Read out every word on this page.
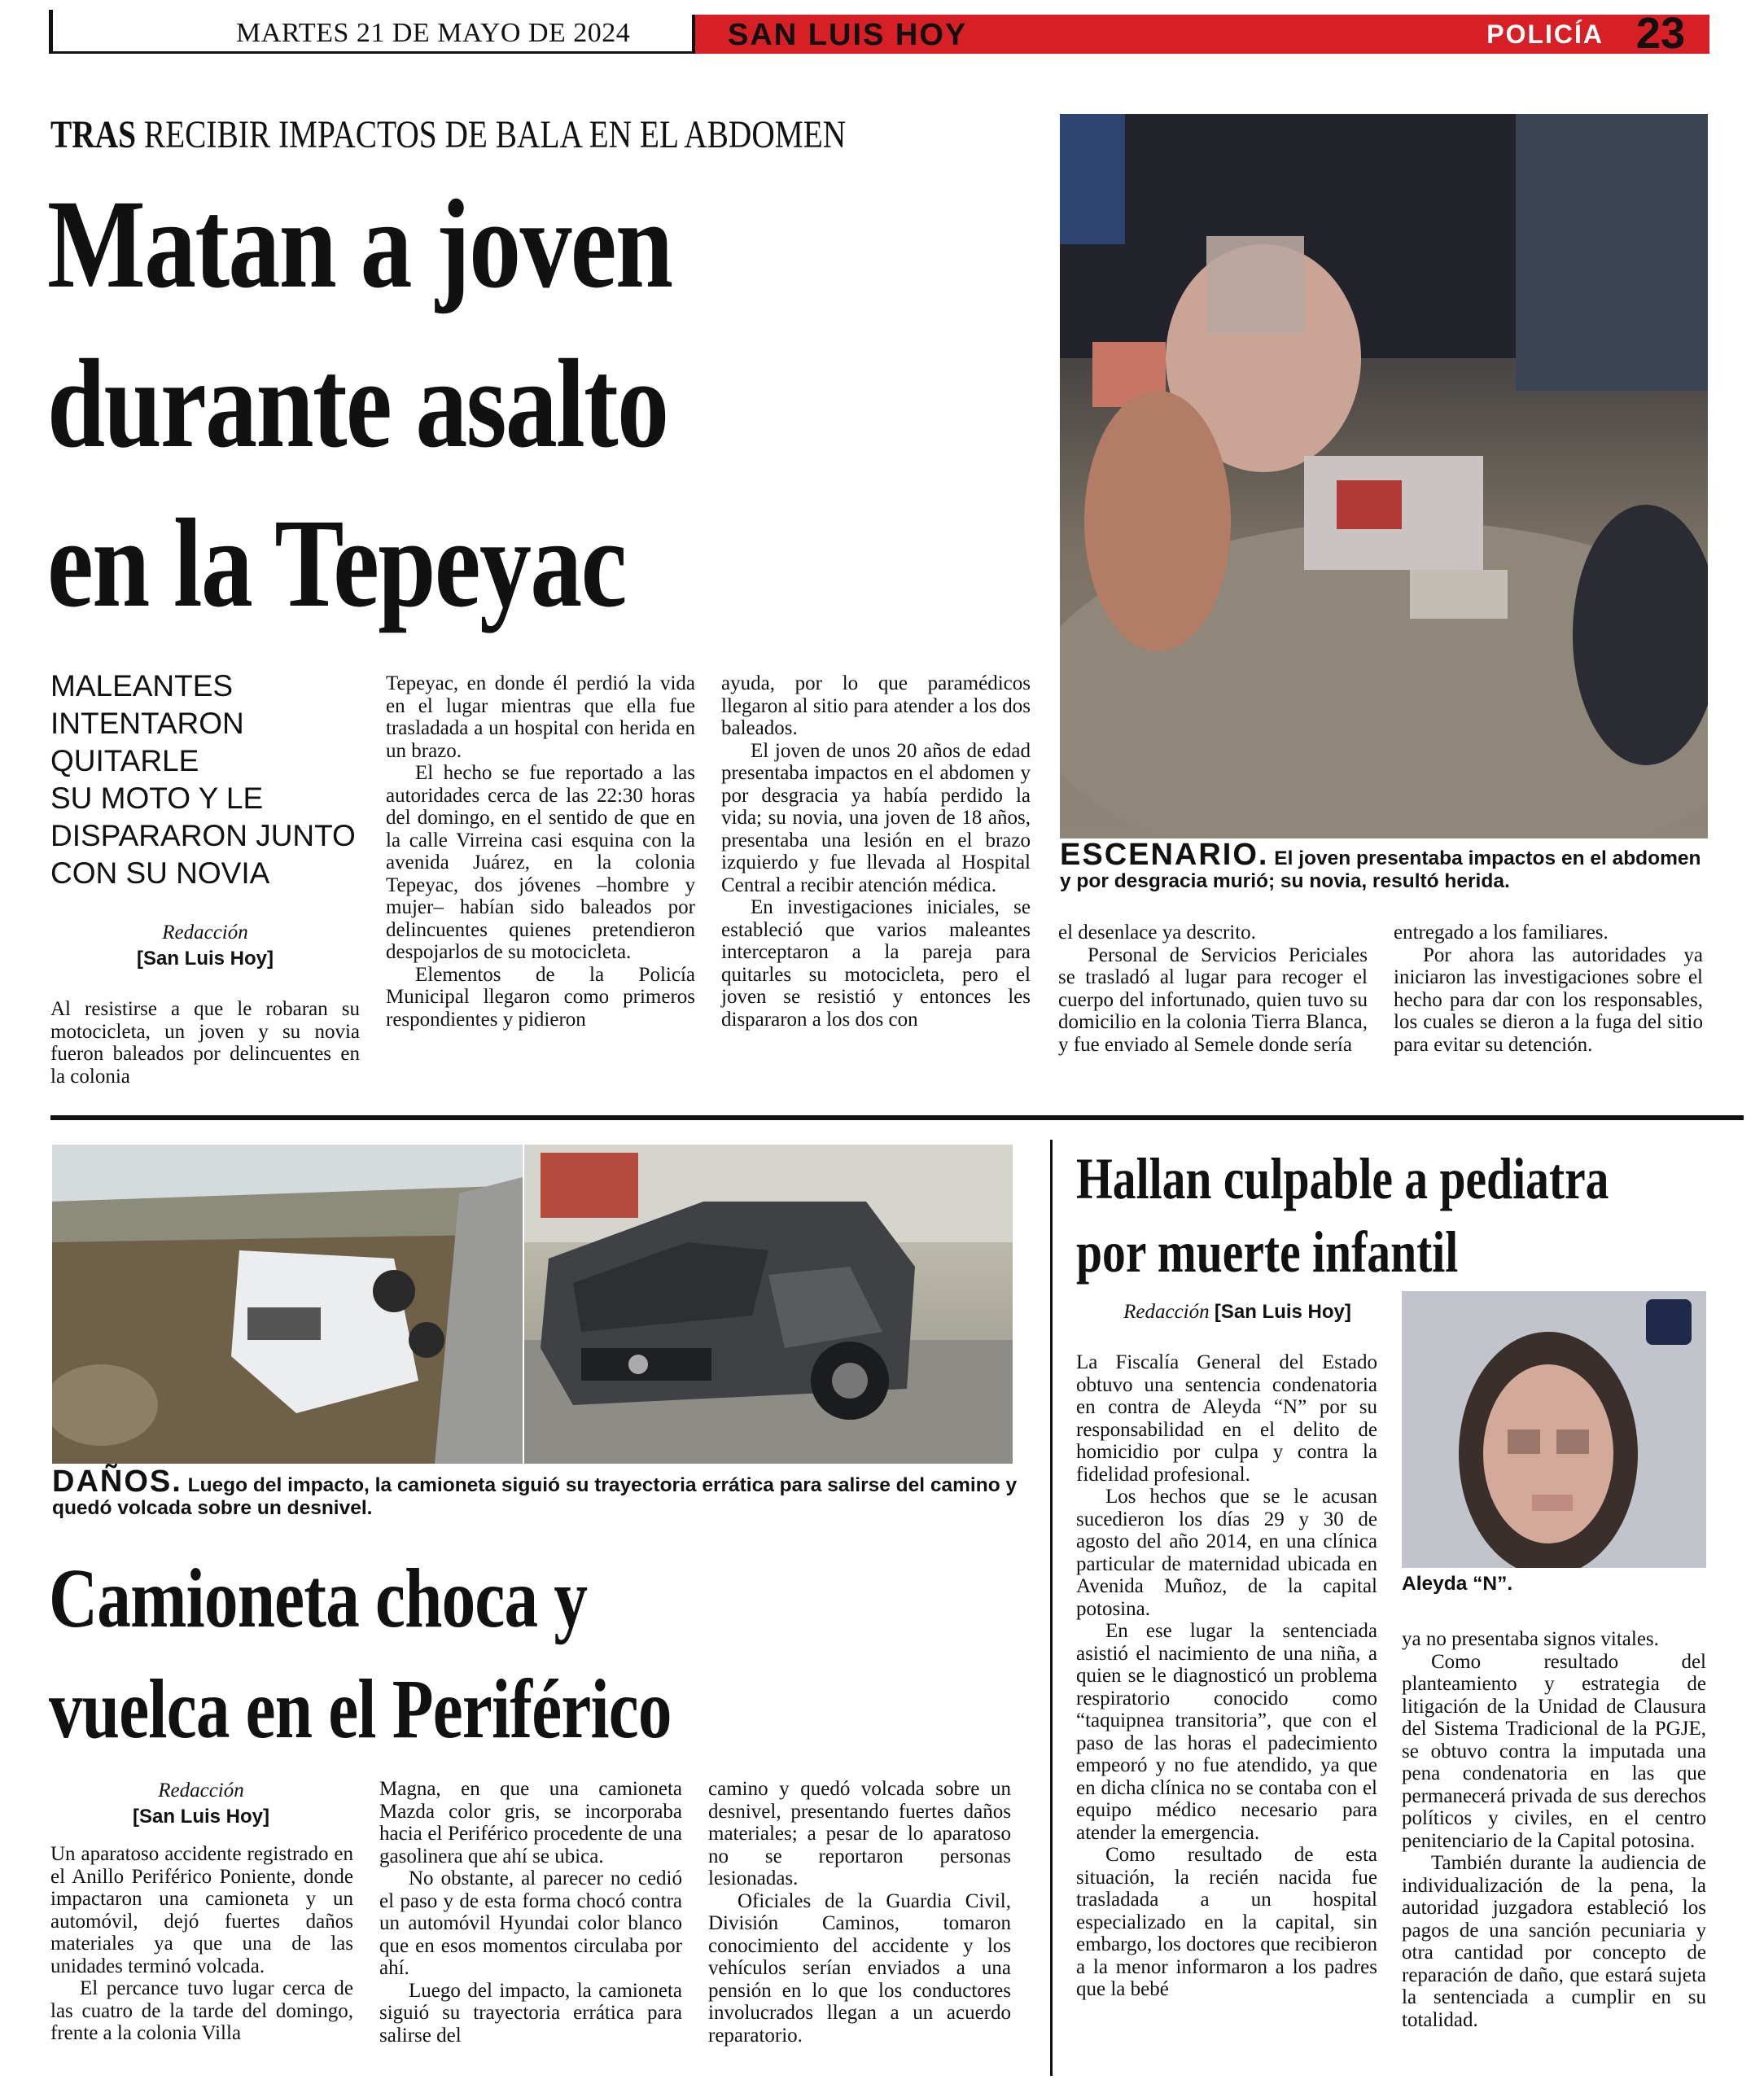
MARTES 21 DE MAYO DE 2024	SAN LUIS HOY	POLICÍA 23
TRAS RECIBIR IMPACTOS DE BALA EN EL ABDOMEN
Matan a joven
durante asalto
en la Tepeyac
MALEANTES
INTENTARON
QUITARLE
SU MOTO Y LE
DISPARARON JUNTO
CON SU NOVIA
Redacción
[San Luis Hoy]

Al resistirse a que le robaran su motocicleta, un joven y su novia fueron baleados por delincuentes en la colonia

Tepeyac, en donde él perdió la vida en el lugar mientras que ella fue trasladada a un hospital con herida en un brazo.

El hecho se fue reportado a las autoridades cerca de las 22:30 horas del domingo, en el sentido de que en la calle Virreina casi esquina con la avenida Juárez, en la colonia Tepeyac, dos jóvenes –hombre y mujer– habían sido baleados por delincuentes quienes pretendieron despojarlos de su motocicleta.

Elementos de la Policía Municipal llegaron como primeros respondientes y pidieron

ayuda, por lo que paramédicos llegaron al sitio para atender a los dos baleados.

El joven de unos 20 años de edad presentaba impactos en el abdomen y por desgracia ya había perdido la vida; su novia, una joven de 18 años, presentaba una lesión en el brazo izquierdo y fue llevada al Hospital Central a recibir atención médica.

En investigaciones iniciales, se estableció que varios maleantes interceptaron a la pareja para quitarles su motocicleta, pero el joven se resistió y entonces les dispararon a los dos con

ESCENARIO. El joven presentaba impactos en el abdomen y por desgracia murió; su novia, resultó herida.

el desenlace ya descrito.

Personal de Servicios Periciales se trasladó al lugar para recoger el cuerpo del infortunado, quien tuvo su domicilio en la colonia Tierra Blanca, y fue enviado al Semele donde sería

entregado a los familiares.

Por ahora las autoridades ya iniciaron las investigaciones sobre el hecho para dar con los responsables, los cuales se dieron a la fuga del sitio para evitar su detención.

DAÑOS. Luego del impacto, la camioneta siguió su trayectoria errática para salirse del camino y quedó volcada sobre un desnivel.
Camioneta choca y
vuelca en el Periférico
Redacción
[San Luis Hoy]

Un aparatoso accidente registrado en el Anillo Periférico Poniente, donde impactaron una camioneta y un automóvil, dejó fuertes daños materiales ya que una de las unidades terminó volcada.

El percance tuvo lugar cerca de las cuatro de la tarde del domingo, frente a la colonia Villa

Magna, en que una camioneta Mazda color gris, se incorporaba hacia el Periférico procedente de una gasolinera que ahí se ubica.

No obstante, al parecer no cedió el paso y de esta forma chocó contra un automóvil Hyundai color blanco que en esos momentos circulaba por ahí.

Luego del impacto, la camioneta siguió su trayectoria errática para salirse del

camino y quedó volcada sobre un desnivel, presentando fuertes daños materiales; a pesar de lo aparatoso no se reportaron personas lesionadas.

Oficiales de la Guardia Civil, División Caminos, tomaron conocimiento del accidente y los vehículos serían enviados a una pensión en lo que los conductores involucrados llegan a un acuerdo reparatorio.

Hallan culpable a pediatra
por muerte infantil
Redacción [San Luis Hoy]
Aleyda “N”.

La Fiscalía General del Estado obtuvo una sentencia condenatoria en contra de Aleyda “N” por su responsabilidad en el delito de homicidio por culpa y contra la fidelidad profesional.

Los hechos que se le acusan sucedieron los días 29 y 30 de agosto del año 2014, en una clínica particular de maternidad ubicada en Avenida Muñoz, de la capital potosina.

En ese lugar la sentenciada asistió el nacimiento de una niña, a quien se le diagnosticó un problema respiratorio conocido como “taquipnea transitoria”, que con el paso de las horas el padecimiento empeoró y no fue atendido, ya que en dicha clínica no se contaba con el equipo médico necesario para atender la emergencia.

Como resultado de esta situación, la recién nacida fue trasladada a un hospital especializado en la capital, sin embargo, los doctores que recibieron a la menor informaron a los padres que la bebé

ya no presentaba signos vitales.

Como resultado del planteamiento y estrategia de litigación de la Unidad de Clausura del Sistema Tradicional de la PGJE, se obtuvo contra la imputada una pena condenatoria en las que permanecerá privada de sus derechos políticos y civiles, en el centro penitenciario de la Capital potosina.

También durante la audiencia de individualización de la pena, la autoridad juzgadora estableció los pagos de una sanción pecuniaria y otra cantidad por concepto de reparación de daño, que estará sujeta la sentenciada a cumplir en su totalidad.
